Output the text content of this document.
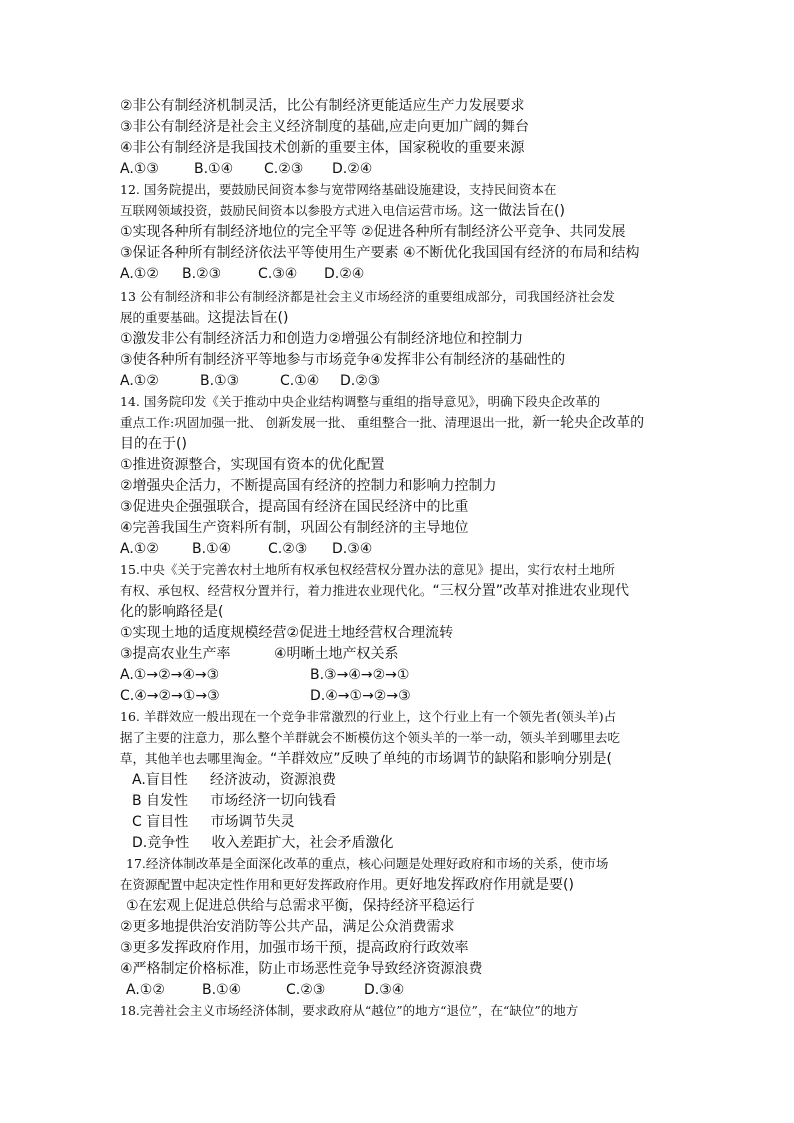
②非公有制经济机制灵活，比公有制经济更能适应生产力发展要求
③非公有制经济是社会主义经济制度的基础,应走向更加广阔的舞台
④非公有制经济是我国技术创新的重要主体，国家税收的重要来源
A.①③	B.①④ C.②③ D.②④
12. 国务院提出，要鼓励民间资本参与宽带网络基础设施建设，支持民间资本在
互联网领域投资，鼓励民间资本以参股方式进入电信运营市场。这一做法旨在()
①实现各种所有制经济地位的完全平等 ②促进各种所有制经济公平竞争、共同发展
③保证各种所有制经济依法平等使用生产要素 ④不断优化我国国有经济的布局和结构
A.①② B.②③	C.③④ D.②④
13 公有制经济和非公有制经济都是社会主义市场经济的重要组成部分，司我国经济社会发
展的重要基础。这提法旨在()
①激发非公有制经济活力和创造力②增强公有制经济地位和控制力
③使各种所有制经济平等地参与市场竞争④发挥非公有制经济的基础性的
A.①②	B.①③	C.①④ D.②③
14. 国务院印发《关于推动中央企业结构调整与重组的指导意见》，明确下段央企改革的
重点工作:巩固加强一批、 创新发展一批、 重组整合一批、清理退出一批，新一轮央企改革的
目的在于()
①推进资源整合，实现国有资本的优化配置
②增强央企活力，不断提高国有经济的控制力和影响力控制力
③促进央企强强联合，提高国有经济在国民经济中的比重
④完善我国生产资料所有制，巩固公有制经济的主导地位
A.①② B.①④	C.②③ D.③④
15.中央《关于完善农村土地所有权承包权经营权分置办法的意见》提出，实行农村土地所
有权、承包权、经营权分置并行，着力推进农业现代化。“三权分置”改革对推进农业现代
化的影响路径是(
①实现土地的适度规模经营②促进土地经营权合理流转
③提高农业生产率	④明晰土地产权关系
A.①→②→④→③	B.③→④→②→①
C.④→②→①→③	D.④→①→②→③
16. 羊群效应一般出现在一个竞争非常激烈的行业上，这个行业上有一个领先者(领头羊)占
据了主要的注意力，那么整个羊群就会不断模仿这个领头羊的一举一动，领头羊到哪里去吃
草，其他羊也去哪里淘金。“羊群效应”反映了单纯的市场调节的缺陷和影响分别是(
A.盲目性     经济波动，资源浪费
B 自发性     市场经济一切向钱看
C 盲目性     市场调节失灵
D.竞争性     收入差距扩大，社会矛盾激化
17.经济体制改革是全面深化改革的重点，核心问题是处理好政府和市场的关系，使市场
在资源配置中起决定性作用和更好发挥政府作用。更好地发挥政府作用就是要()
①在宏观上促进总供给与总需求平衡，保持经济平稳运行
②更多地提供治安消防等公共产品，满足公众消费需求
③更多发挥政府作用，加强市场干预，提高政府行政效率
④严格制定价格标准，防止市场恶性竞争导致经济资源浪费
A.①②	B.①④	C.②③	D.③④
18.完善社会主义市场经济体制，要求政府从“越位”的地方“退位”，在“缺位”的地方
